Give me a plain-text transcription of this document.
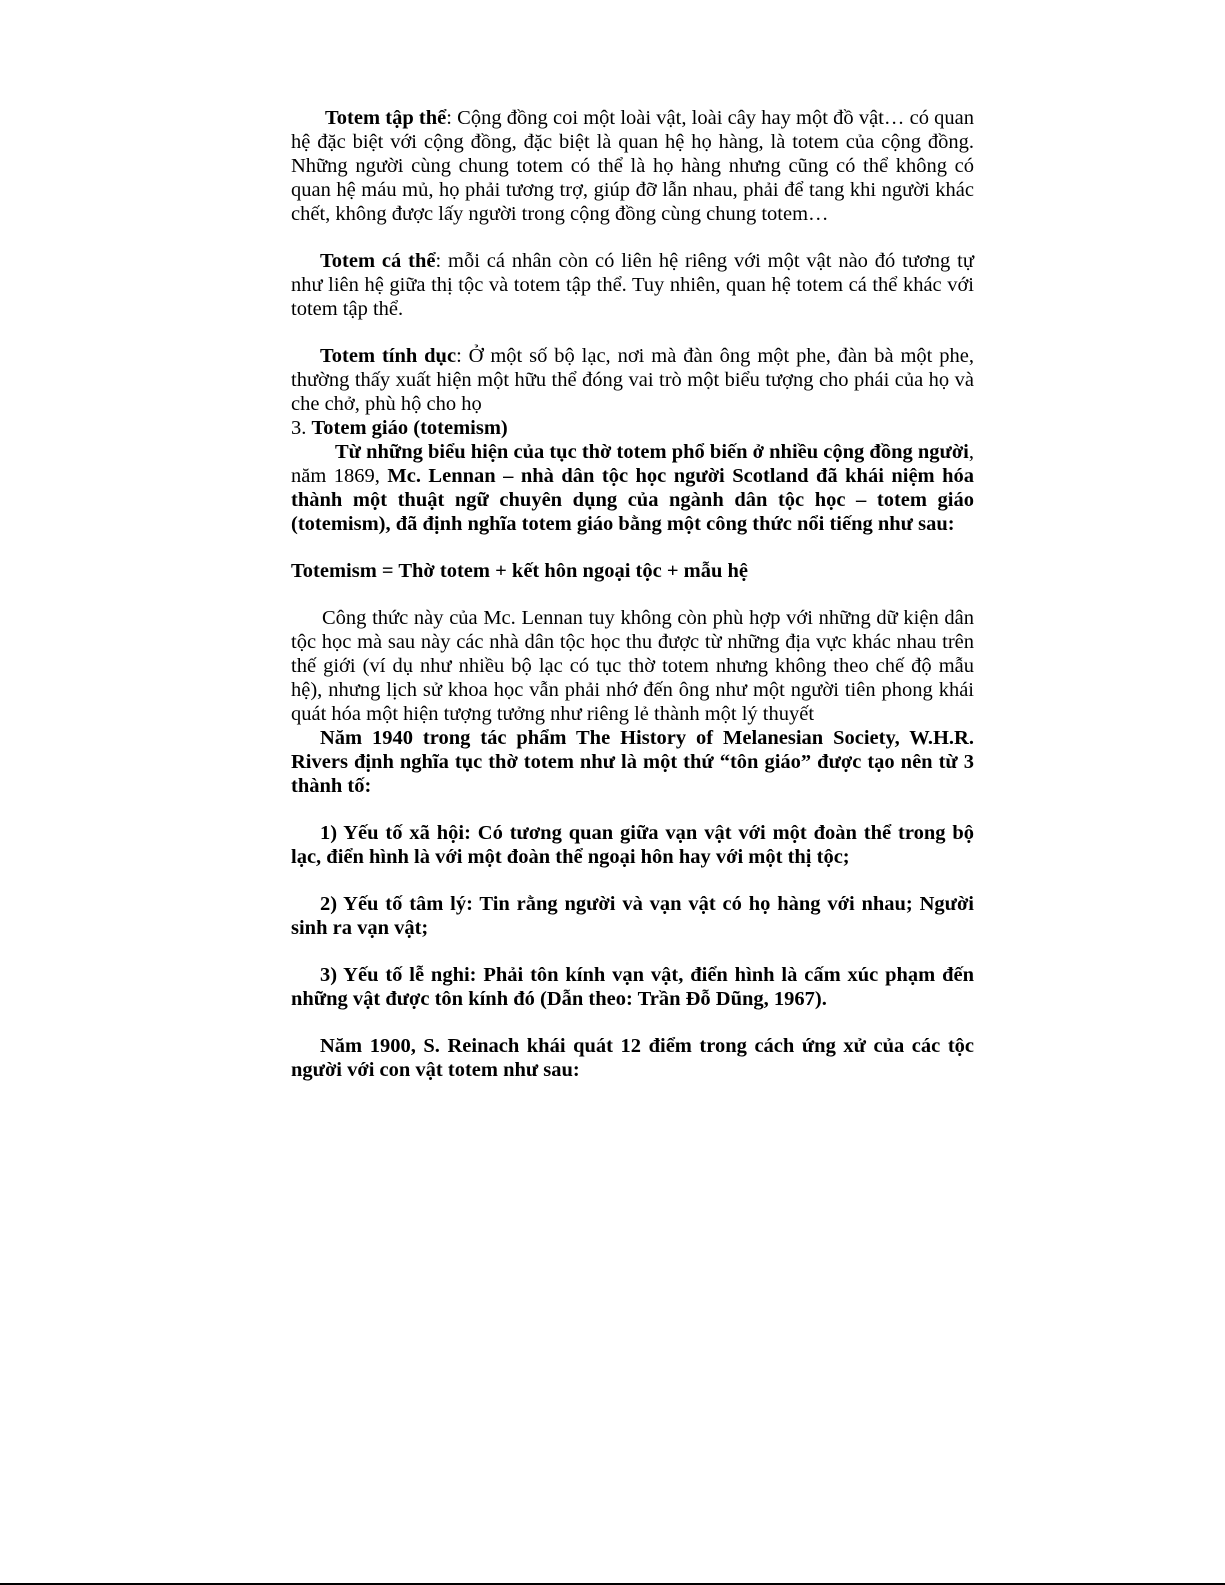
Totem tập thể: Cộng đồng coi một loài vật, loài cây hay một đồ vật… có quan hệ đặc biệt với cộng đồng, đặc biệt là quan hệ họ hàng, là totem của cộng đồng. Những người cùng chung totem có thể là họ hàng nhưng cũng có thể không có quan hệ máu mủ, họ phải tương trợ, giúp đỡ lẫn nhau, phải để tang khi người khác chết, không được lấy người trong cộng đồng cùng chung totem…

Totem cá thể: mỗi cá nhân còn có liên hệ riêng với một vật nào đó tương tự như liên hệ giữa thị tộc và totem tập thể. Tuy nhiên, quan hệ totem cá thể khác với totem tập thể.

Totem tính dục: Ở một số bộ lạc, nơi mà đàn ông một phe, đàn bà một phe, thường thấy xuất hiện một hữu thể đóng vai trò một biểu tượng cho phái của họ và che chở, phù hộ cho họ

3. Totem giáo (totemism)

Từ những biểu hiện của tục thờ totem phổ biến ở nhiều cộng đồng người, năm 1869, Mc. Lennan – nhà dân tộc học người Scotland đã khái niệm hóa thành một thuật ngữ chuyên dụng của ngành dân tộc học – totem giáo (totemism), đã định nghĩa totem giáo bằng một công thức nổi tiếng như sau:

Totemism = Thờ totem + kết hôn ngoại tộc + mẫu hệ

Công thức này của Mc. Lennan tuy không còn phù hợp với những dữ kiện dân tộc học mà sau này các nhà dân tộc học thu được từ những địa vực khác nhau trên thế giới (ví dụ như nhiều bộ lạc có tục thờ totem nhưng không theo chế độ mẫu hệ), nhưng lịch sử khoa học vẫn phải nhớ đến ông như một người tiên phong khái quát hóa một hiện tượng tưởng như riêng lẻ thành một lý thuyết

Năm 1940 trong tác phẩm The History of Melanesian Society, W.H.R. Rivers định nghĩa tục thờ totem như là một thứ “tôn giáo” được tạo nên từ 3 thành tố:

1) Yếu tố xã hội: Có tương quan giữa vạn vật với một đoàn thể trong bộ lạc, điển hình là với một đoàn thể ngoại hôn hay với một thị tộc;

2) Yếu tố tâm lý: Tin rằng người và vạn vật có họ hàng với nhau; Người sinh ra vạn vật;

3) Yếu tố lễ nghi: Phải tôn kính vạn vật, điển hình là cấm xúc phạm đến những vật được tôn kính đó (Dẫn theo: Trần Đỗ Dũng, 1967).

Năm 1900, S. Reinach khái quát 12 điểm trong cách ứng xử của các tộc người với con vật totem như sau:
